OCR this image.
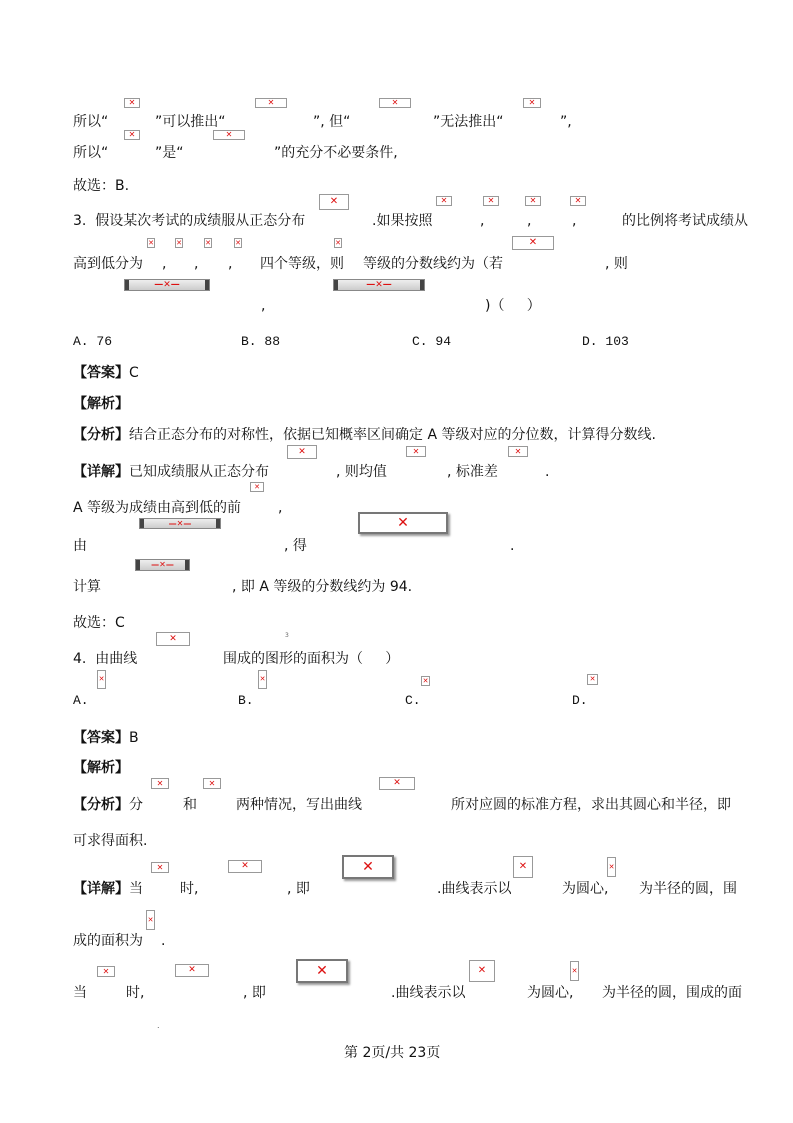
所以“	”可以推出“	”, 但“	”无法推出“	”,
✕	✕	✕	✕
所以“	”是“	”的充分不必要条件,
✕	✕
故选：B.
3.  假设某次考试的成绩服从正态分布	.如果按照	,	,	,	的比例将考试成绩从
✕	✕	✕	✕	✕
高到低分为 , , , 四个等级，则 等级的分数线约为（若	, 则
✕	✕	✕	✕	✕	✕
—✕—	—✕—
,	)（     ）
A. 76	B. 88	C. 94	D. 103
【答案】C
【解析】
【分析】结合正态分布的对称性，依据已知概率区间确定 A 等级对应的分位数，计算得分数线.
【详解】已知成绩服从正态分布	, 则均值	, 标准差	.
✕	✕	✕
✕
A 等级为成绩由高到低的前	,
—✕—	✕
由	, 得	.
—✕—
计算	, 即 A 等级的分数线约为 94.
故选：C
✕	3
4.  由曲线	围成的图形的面积为（     ）
✕	✕	✕	✕
A.	B.	C.	D.
【答案】B
【解析】
✕	✕	✕
【分析】分	和	两种情况，写出曲线	所对应圆的标准方程，求出其圆心和半径，即
可求得面积.
✕	✕	✕	✕	✕
【详解】当	时,	, 即	.曲线表示以	为圆心, 为半径的圆，围
✕
成的面积为 .
✕	✕	✕	✕	✕
当	时,	, 即	.曲线表示以	为圆心, 为半径的圆，围成的面
.
第 2页/共 23页
